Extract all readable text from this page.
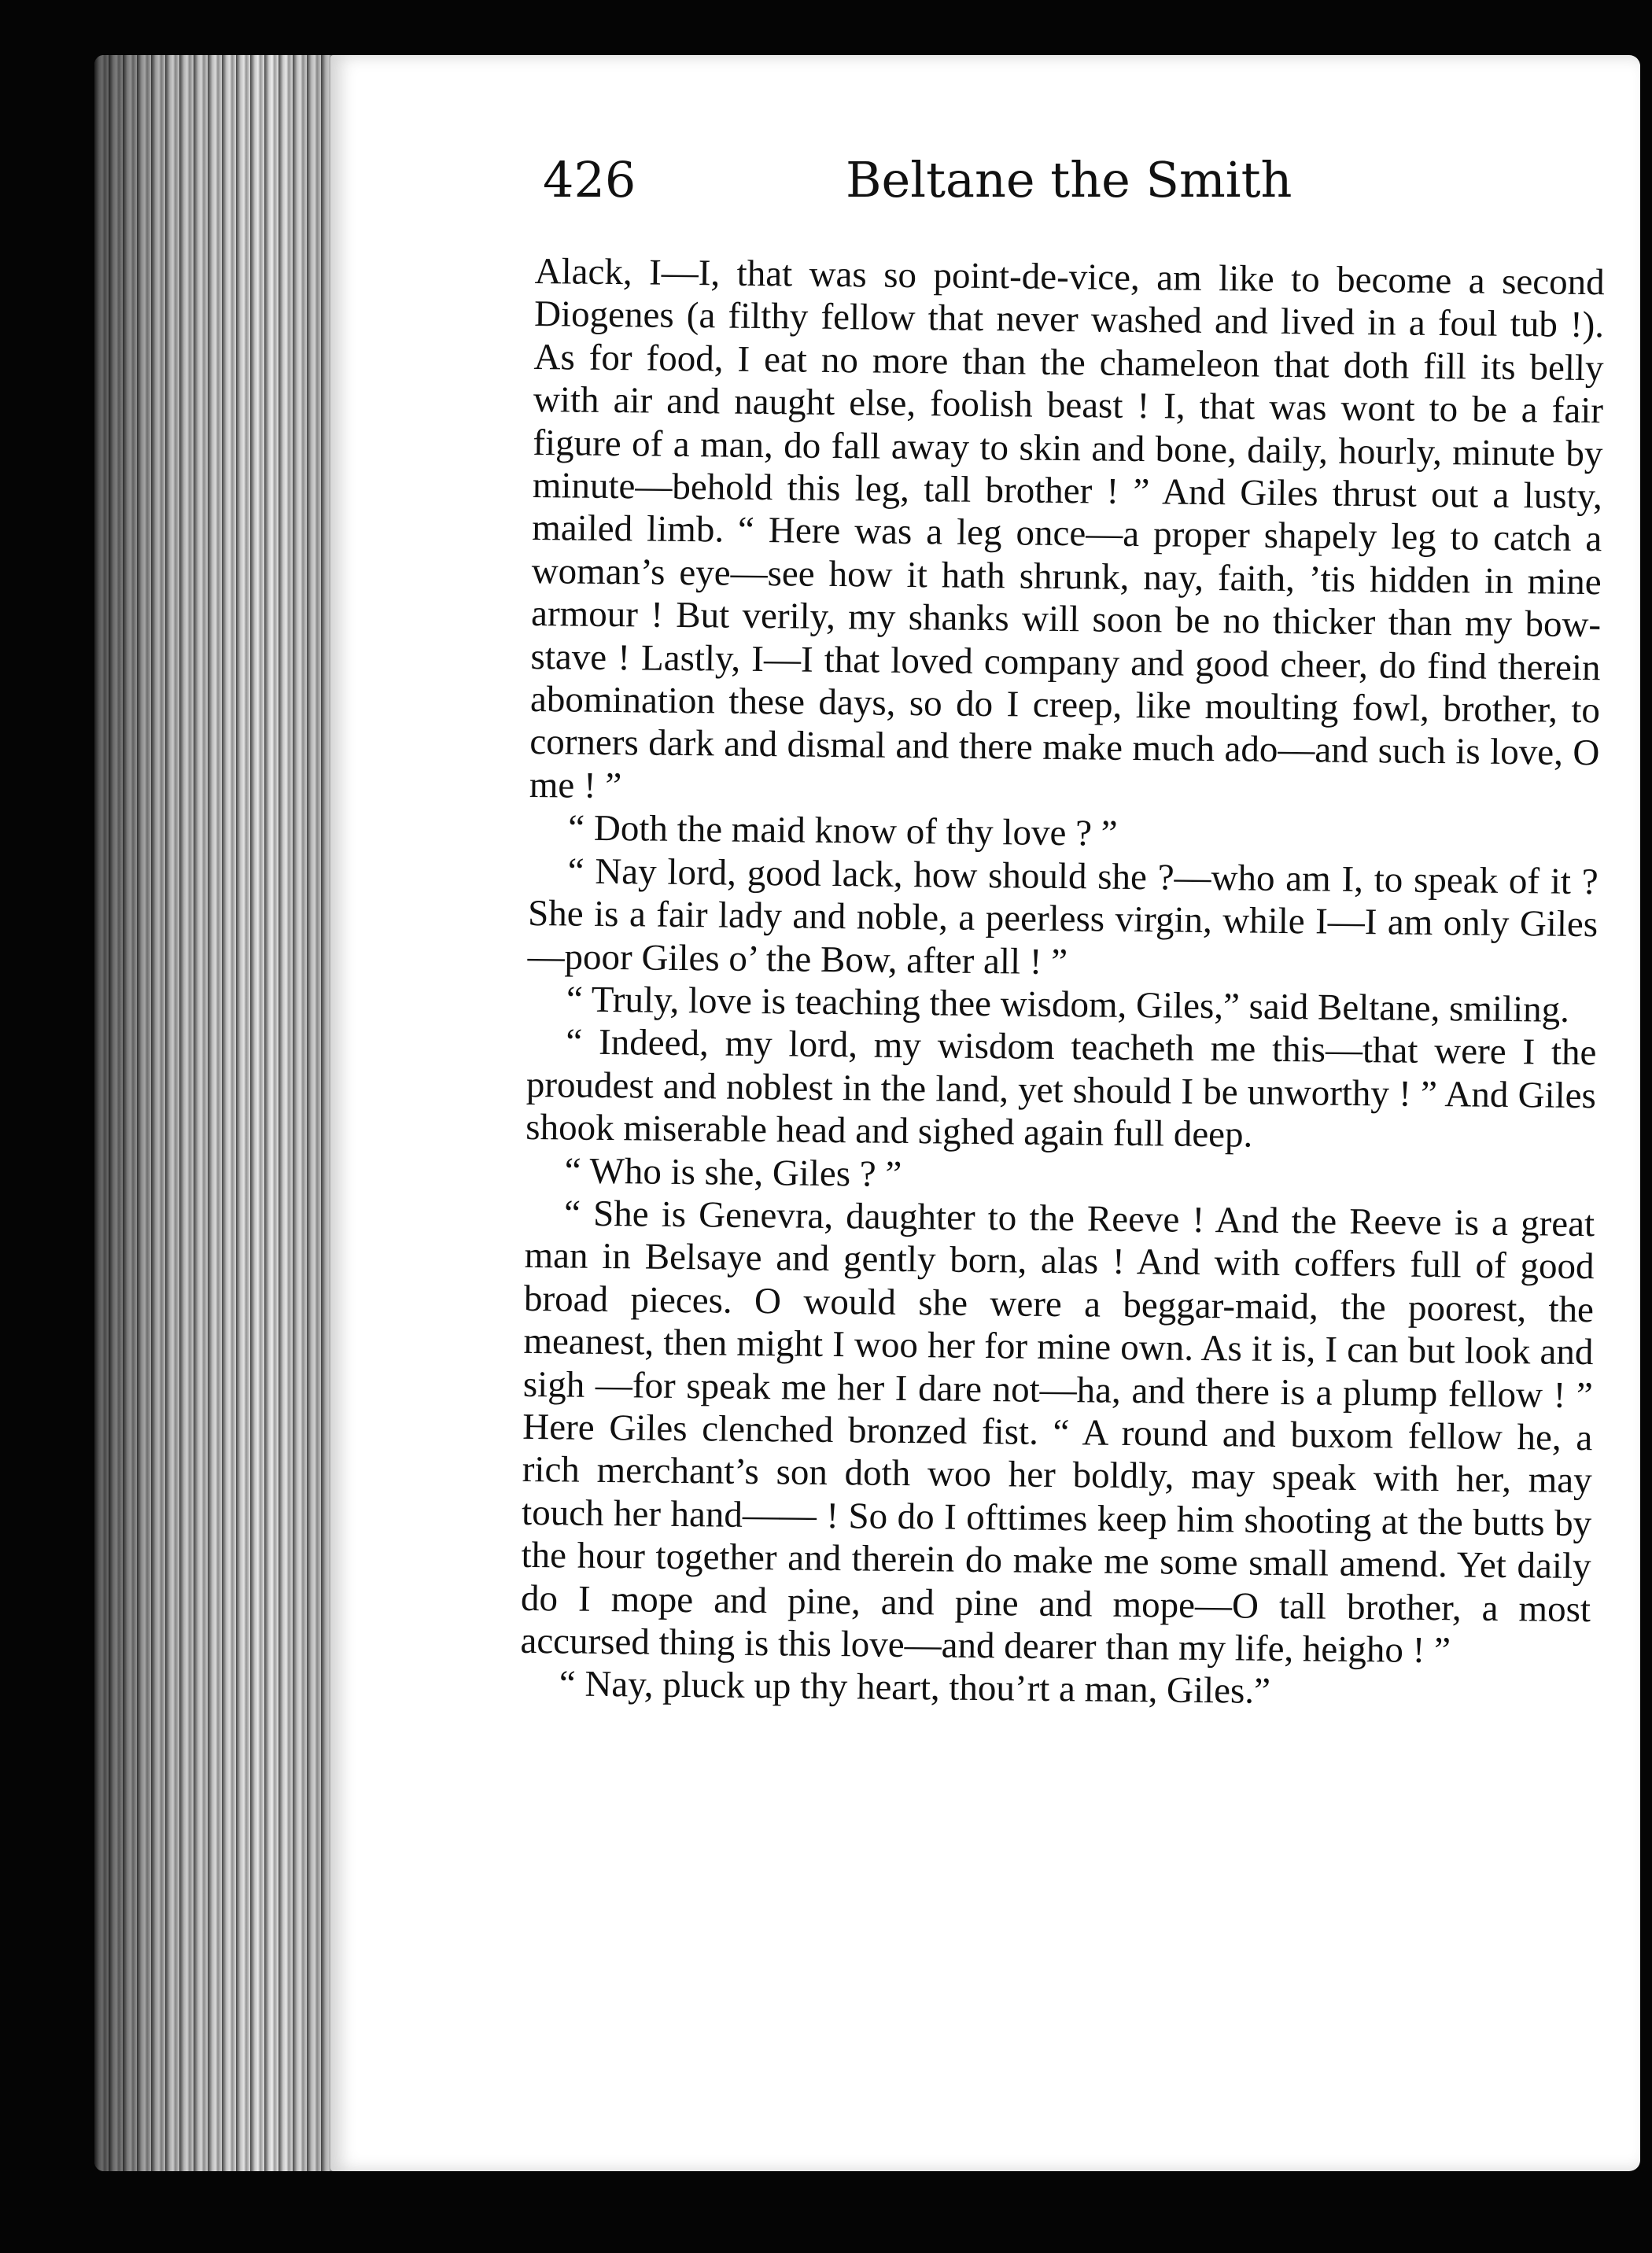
426	Beltane the Smith

Alack, I—I, that was so point-de-vice, am like to become a second Diogenes (a filthy fellow that never washed and lived in a foul tub !). As for food, I eat no more than the chameleon that doth fill its belly with air and naught else, foolish beast ! I, that was wont to be a fair figure of a man, do fall away to skin and bone, daily, hourly, minute by minute—behold this leg, tall brother ! ” And Giles thrust out a lusty, mailed limb. “ Here was a leg once—a proper shapely leg to catch a woman’s eye—see how it hath shrunk, nay, faith, ’tis hidden in mine armour ! But verily, my shanks will soon be no thicker than my bow-stave ! Lastly, I—I that loved company and good cheer, do find therein abomination these days, so do I creep, like moulting fowl, brother, to corners dark and dismal and there make much ado—and such is love, O me ! ”

“ Doth the maid know of thy love ? ”

“ Nay lord, good lack, how should she ?—who am I, to speak of it ? She is a fair lady and noble, a peerless virgin, while I—I am only Giles—poor Giles o’ the Bow, after all ! ”

“ Truly, love is teaching thee wisdom, Giles,” said Beltane, smiling.

“ Indeed, my lord, my wisdom teacheth me this—that were I the proudest and noblest in the land, yet should I be unworthy ! ” And Giles shook miserable head and sighed again full deep.

“ Who is she, Giles ? ”

“ She is Genevra, daughter to the Reeve ! And the Reeve is a great man in Belsaye and gently born, alas ! And with coffers full of good broad pieces. O would she were a beggar-maid, the poorest, the meanest, then might I woo her for mine own. As it is, I can but look and sigh —for speak me her I dare not—ha, and there is a plump fellow ! ” Here Giles clenched bronzed fist. “ A round and buxom fellow he, a rich merchant’s son doth woo her boldly, may speak with her, may touch her hand—— ! So do I ofttimes keep him shooting at the butts by the hour together and therein do make me some small amend. Yet daily do I mope and pine, and pine and mope—O tall brother, a most accursed thing is this love—and dearer than my life, heigho ! ”

“ Nay, pluck up thy heart, thou’rt a man, Giles.”
